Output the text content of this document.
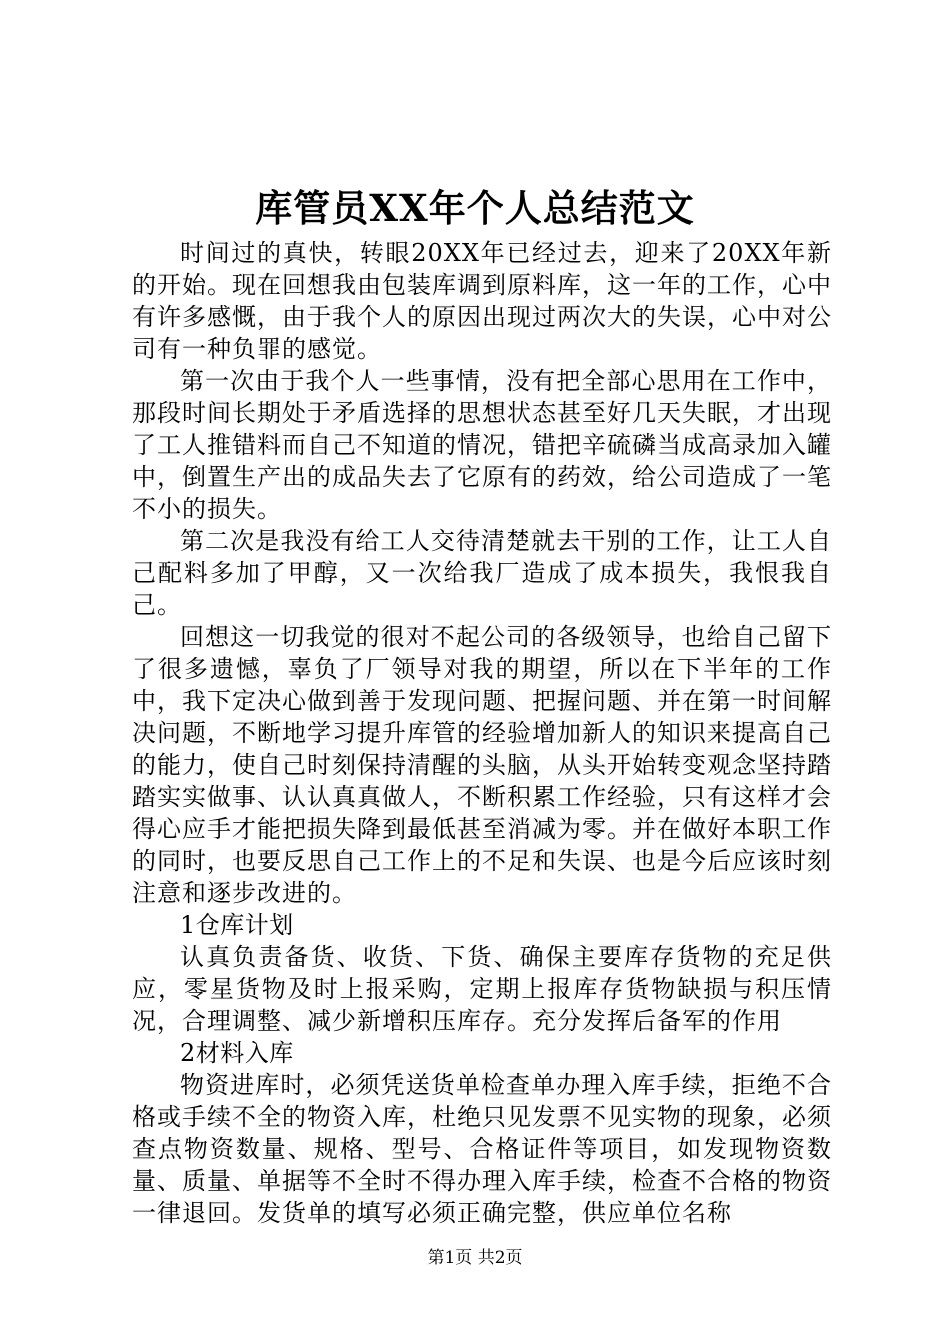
库管员XX年个人总结范文

时间过的真快，转眼20XX年已经过去，迎来了20XX年新的开始。现在回想我由包装库调到原料库，这一年的工作，心中有许多感慨，由于我个人的原因出现过两次大的失误，心中对公司有一种负罪的感觉。

第一次由于我个人一些事情，没有把全部心思用在工作中，那段时间长期处于矛盾选择的思想状态甚至好几天失眠，才出现了工人推错料而自己不知道的情况，错把辛硫磷当成高录加入罐中，倒置生产出的成品失去了它原有的药效，给公司造成了一笔不小的损失。

第二次是我没有给工人交待清楚就去干别的工作，让工人自己配料多加了甲醇，又一次给我厂造成了成本损失，我恨我自己。

回想这一切我觉的很对不起公司的各级领导，也给自己留下了很多遗憾，辜负了厂领导对我的期望，所以在下半年的工作中，我下定决心做到善于发现问题、把握问题、并在第一时间解决问题，不断地学习提升库管的经验增加新人的知识来提高自己的能力，使自己时刻保持清醒的头脑，从头开始转变观念坚持踏踏实实做事、认认真真做人，不断积累工作经验，只有这样才会得心应手才能把损失降到最低甚至消减为零。并在做好本职工作的同时，也要反思自己工作上的不足和失误、也是今后应该时刻注意和逐步改进的。

1仓库计划

认真负责备货、收货、下货、确保主要库存货物的充足供应，零星货物及时上报采购，定期上报库存货物缺损与积压情况，合理调整、减少新增积压库存。充分发挥后备军的作用

2材料入库

物资进库时，必须凭送货单检查单办理入库手续，拒绝不合格或手续不全的物资入库，杜绝只见发票不见实物的现象，必须查点物资数量、规格、型号、合格证件等项目，如发现物资数量、质量、单据等不全时不得办理入库手续，检查不合格的物资一律退回。发货单的填写必须正确完整，供应单位名称

第1页 共2页
